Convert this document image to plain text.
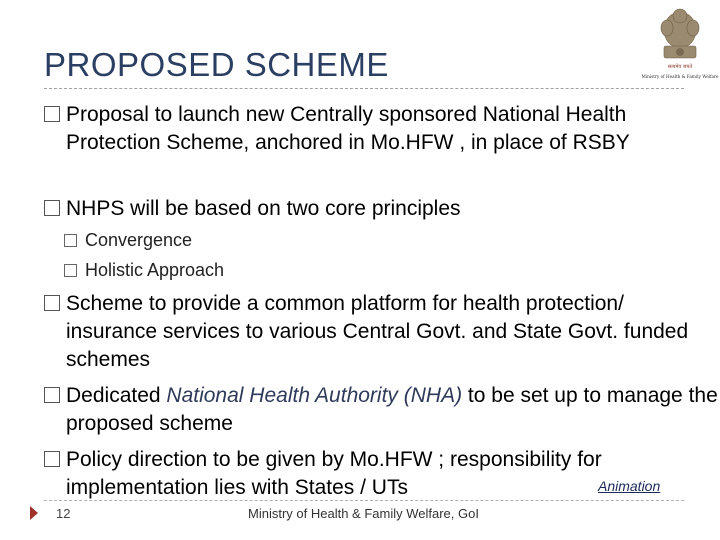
PROPOSED SCHEME	सत्यमेव जयते
Ministry of Health & Family Welfare
Proposal to launch new Centrally sponsored National Health Protection Scheme, anchored in Mo.HFW , in place of RSBY
NHPS will be based on two core principles
Convergence
Holistic Approach
Scheme to provide a common platform for health protection/ insurance services to various Central Govt. and State Govt. funded schemes
Dedicated National Health Authority (NHA) to be set up to manage the proposed scheme
Policy direction to be given by Mo.HFW ; responsibility for implementation lies with States / UTs	Animation
12	Ministry of Health & Family Welfare, GoI
